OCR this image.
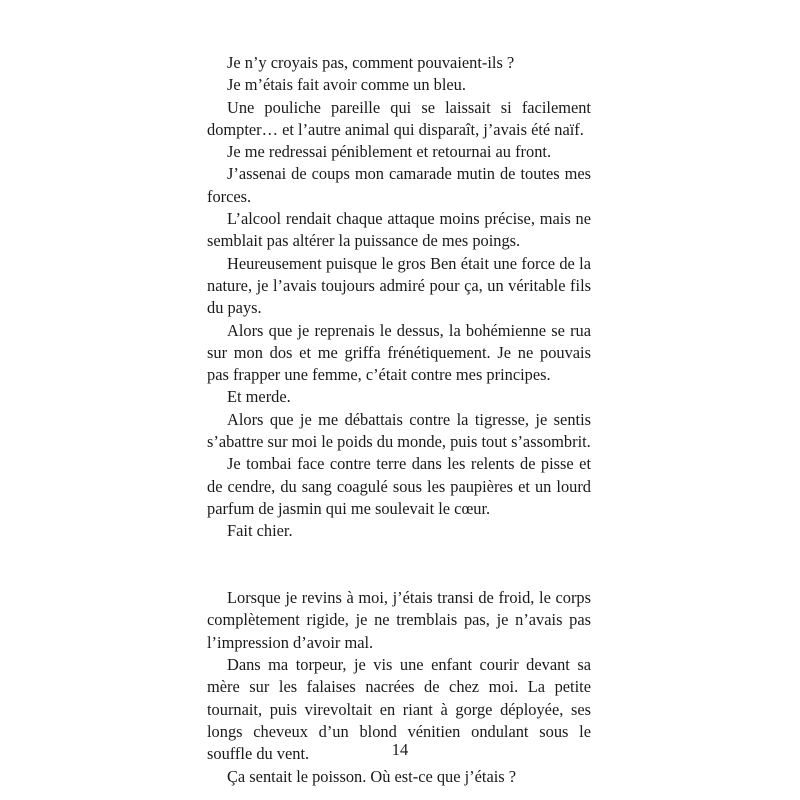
Je n’y croyais pas, comment pouvaient-ils ?

Je m’étais fait avoir comme un bleu.

Une pouliche pareille qui se laissait si facilement dompter… et l’autre animal qui disparaît, j’avais été naïf.

Je me redressai péniblement et retournai au front.

J’assenai de coups mon camarade mutin de toutes mes forces.

L’alcool rendait chaque attaque moins précise, mais ne semblait pas altérer la puissance de mes poings.

Heureusement puisque le gros Ben était une force de la nature, je l’avais toujours admiré pour ça, un véritable fils du pays.

Alors que je reprenais le dessus, la bohémienne se rua sur mon dos et me griffa frénétiquement. Je ne pouvais pas frapper une femme, c’était contre mes principes.

Et merde.

Alors que je me débattais contre la tigresse, je sentis s’abattre sur moi le poids du monde, puis tout s’assombrit.

Je tombai face contre terre dans les relents de pisse et de cendre, du sang coagulé sous les paupières et un lourd parfum de jasmin qui me soulevait le cœur.

Fait chier.

Lorsque je revins à moi, j’étais transi de froid, le corps complètement rigide, je ne tremblais pas, je n’avais pas l’impression d’avoir mal.

Dans ma torpeur, je vis une enfant courir devant sa mère sur les falaises nacrées de chez moi. La petite tournait, puis virevoltait en riant à gorge déployée, ses longs cheveux d’un blond vénitien ondulant sous le souffle du vent.

Ça sentait le poisson. Où est-ce que j’étais ?

14
